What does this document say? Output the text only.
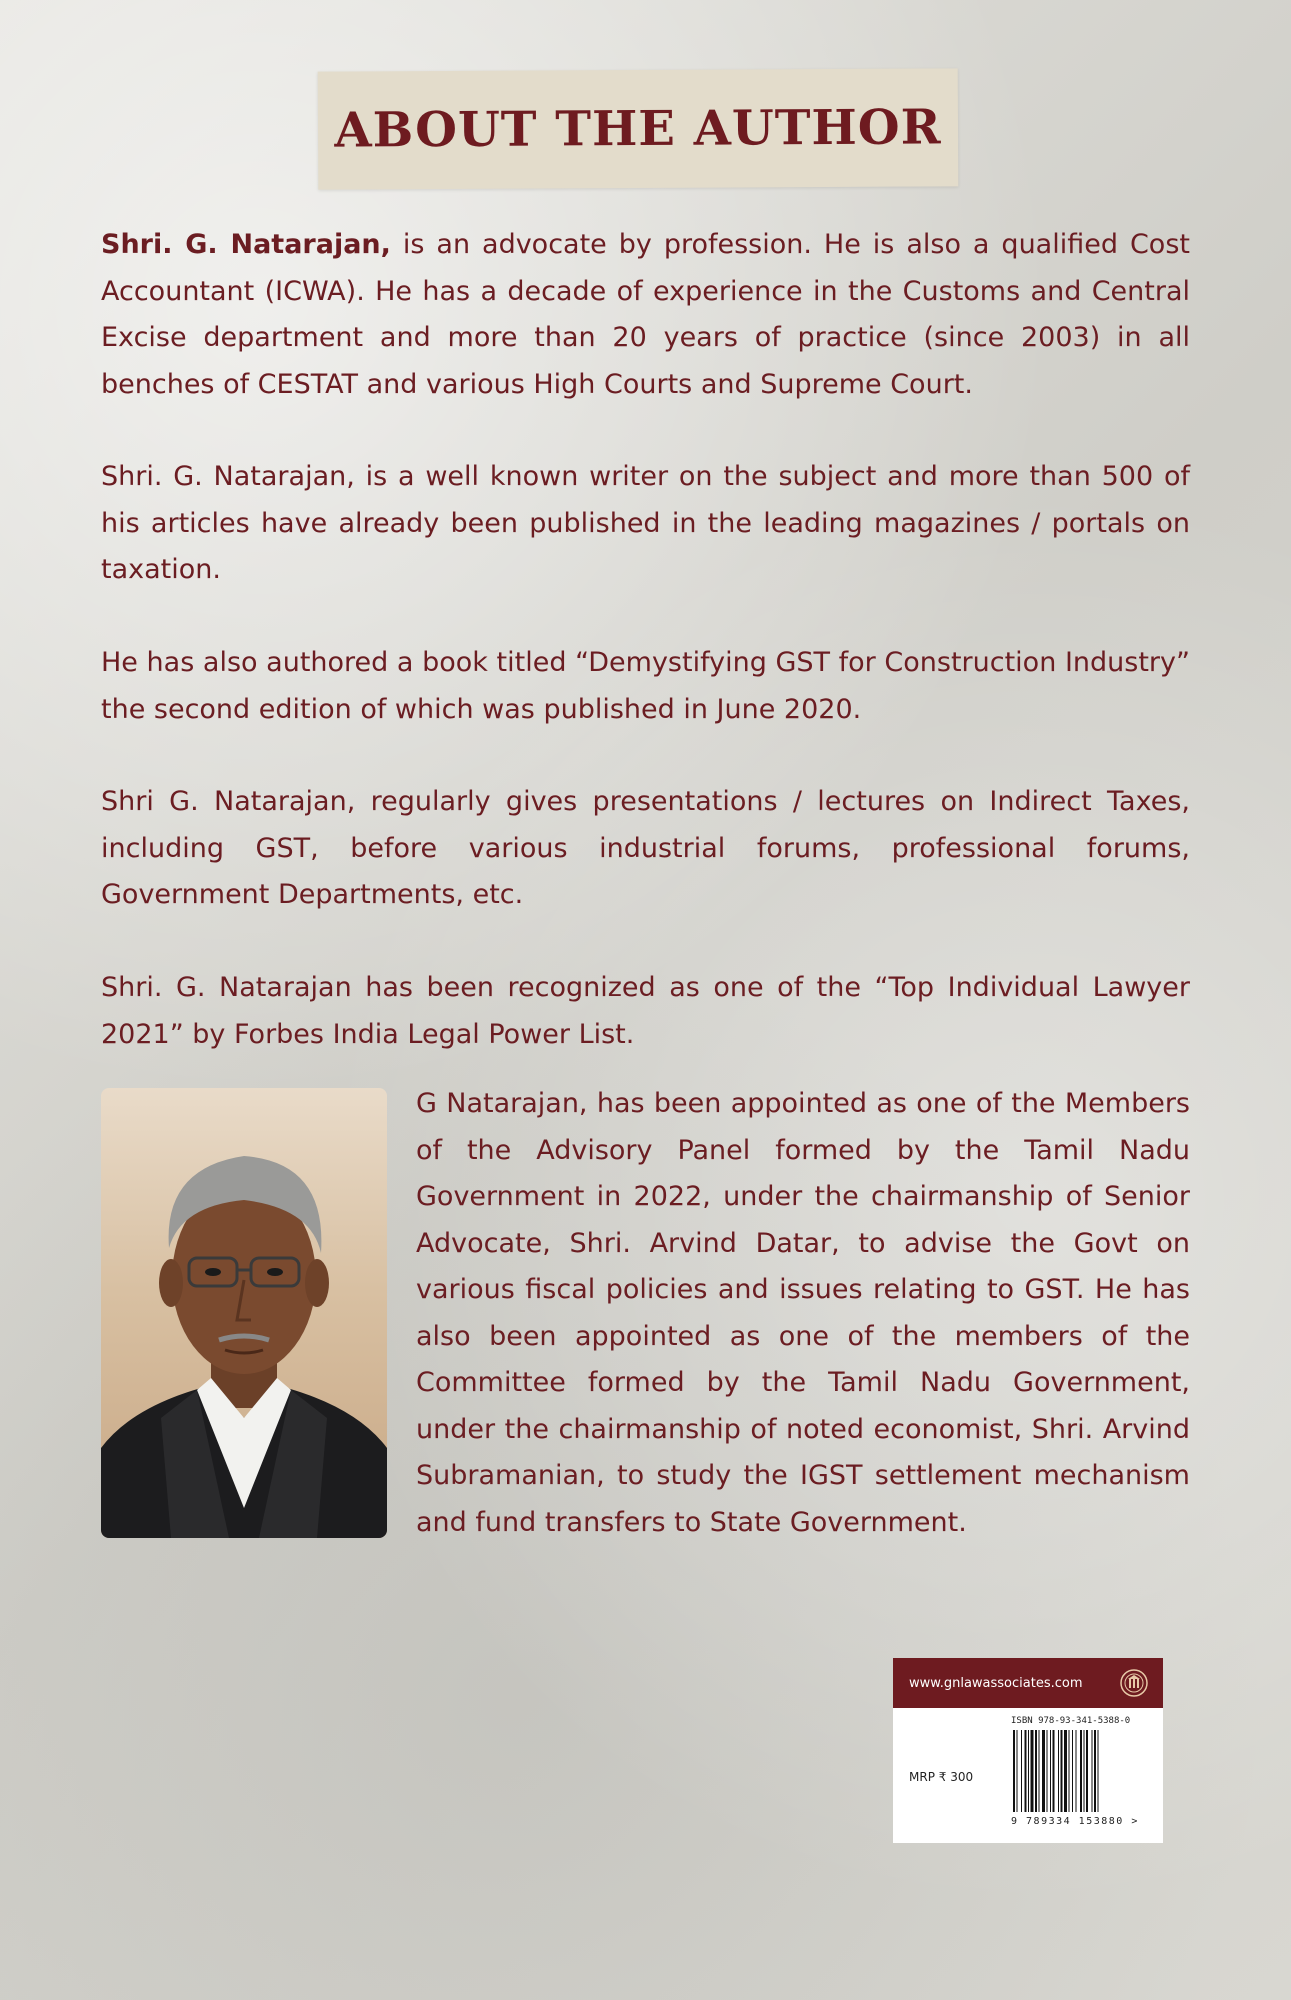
ABOUT THE AUTHOR

Shri. G. Natarajan, is an advocate by profession. He is also a qualified Cost Accountant (ICWA). He has a decade of experience in the Customs and Central Excise department and more than 20 years of practice (since 2003) in all benches of CESTAT and various High Courts and Supreme Court.

Shri. G. Natarajan, is a well known writer on the subject and more than 500 of his articles have already been published in the leading magazines / portals on taxation.

He has also authored a book titled “Demystifying GST for Construction Industry” the second edition of which was published in June 2020.

Shri G. Natarajan, regularly gives presentations / lectures on Indirect Taxes, including GST, before various industrial forums, professional forums, Government Departments, etc.

Shri. G. Natarajan has been recognized as one of the “Top Individual Lawyer 2021” by Forbes India Legal Power List.

G Natarajan, has been appointed as one of the Members of the Advisory Panel formed by the Tamil Nadu Government in 2022, under the chairmanship of Senior Advocate, Shri. Arvind Datar, to advise the Govt on various fiscal policies and issues relating to GST. He has also been appointed as one of the members of the Committee formed by the Tamil Nadu Government, under the chairmanship of noted economist, Shri. Arvind Subramanian, to study the IGST settlement mechanism and fund transfers to State Government.

www.gnlawassociates.com
ISBN 978-93-341-5388-0
MRP ₹ 300
9 789334 153880 >
